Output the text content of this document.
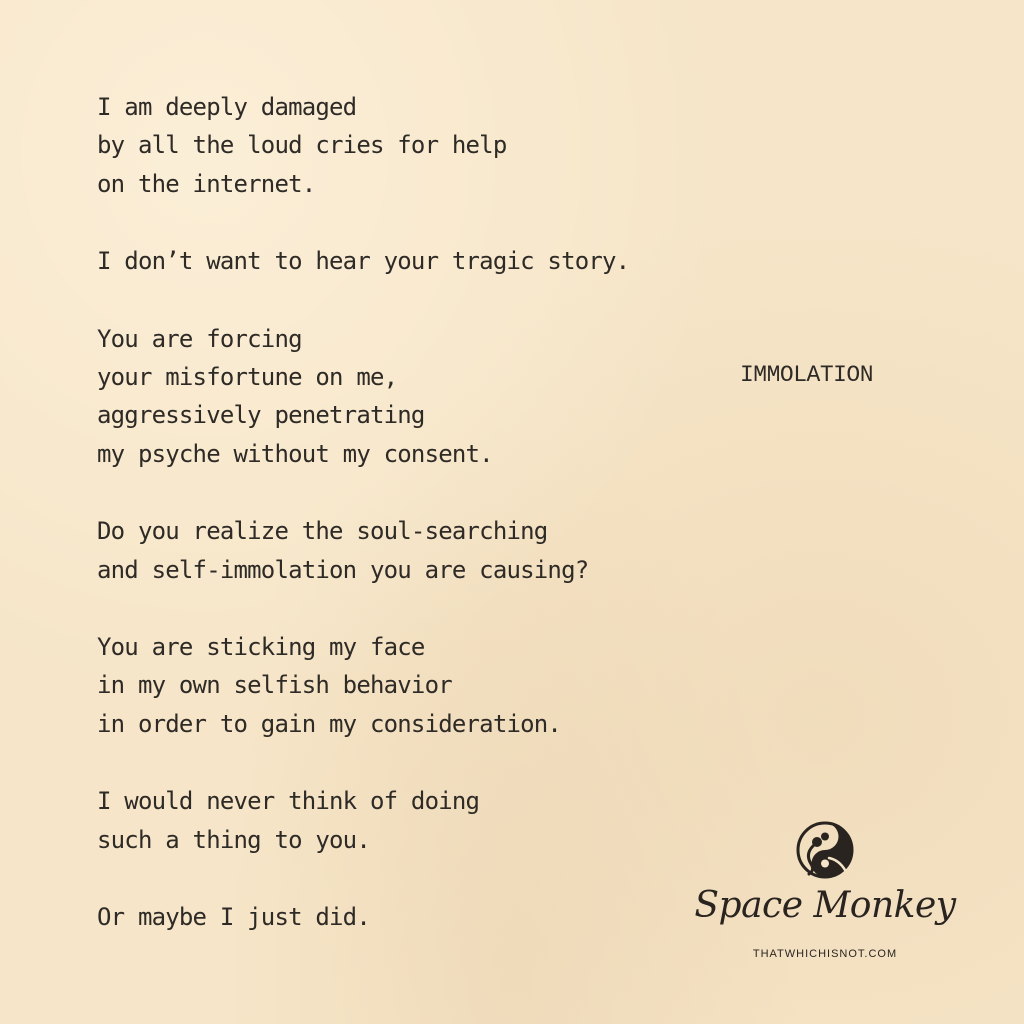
I am deeply damaged
by all the loud cries for help
on the internet.
I don’t want to hear your tragic story.
You are forcing
your misfortune on me,
aggressively penetrating
my psyche without my consent.
Do you realize the soul-searching
and self-immolation you are causing?
You are sticking my face
in my own selfish behavior
in order to gain my consideration.
I would never think of doing
such a thing to you.
Or maybe I just did.
IMMOLATION
Space Monkey
THATWHICHISNOT.COM
